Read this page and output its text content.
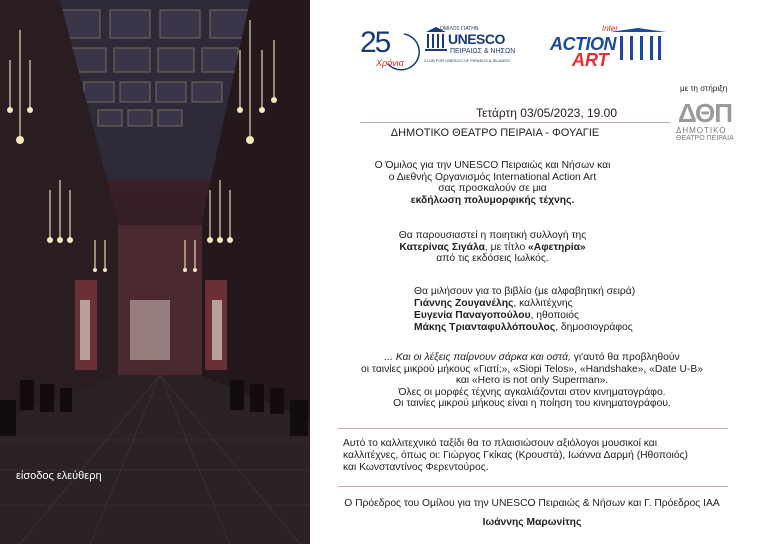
είσοδος ελεύθερη
25
Χρόνια
ΟΜΙΛΟΣ ΓΙΑΤΗΝ
UNESCO
ΠΕΙΡΑΙΩΣ & ΝΗΣΩΝ
CLUB FOR UNESCO OF PIRAEUS & ISLANDS
Inter
ACTION
ART
με τη στήριξη
ΔΘΠ
ΔΗΜΟΤΙΚΟ
ΘΕΑΤΡΟ ΠΕΙΡΑΙΑ
Τετάρτη 03/05/2023, 19.00
ΔΗΜΟΤΙΚΟ ΘΕΑΤΡΟ ΠΕΙΡΑΙΑ - ΦΟΥΑΓΙΕ

Ο Όμιλος για την UNESCO Πειραιώς και Νήσων και

ο Διεθνής Οργανισμός International Action Art

σας προσκαλούν σε μια

εκδήλωση πολυμορφικής τέχνης.

Θα παρουσιαστεί η ποιητική συλλογή της

Κατερίνας Σιγάλα, με τίτλο «Αφετηρία»

από τις εκδόσεις Ιωλκός.

Θα μιλήσουν για το βιβλίο (με αλφαβητική σειρά)

Γιάννης Ζουγανέλης, καλλιτέχνης

Ευγενία Παναγοπούλου, ηθοποιός

Μάκης Τριανταφυλλόπουλος, δημοσιογράφος

... Και οι λέξεις παίρνουν σάρκα και οστά, γι'αυτό θα προβληθούν

οι ταινίες μικρού μήκους «Γιατί;», «Siopi Telos», «Handshake», «Date U-B»

και «Hero is not only Superman».

Όλες οι μορφές τέχνης αγκαλιάζονται στον κινηματογράφο.

Οι ταινίες μικρού μήκους είναι η ποίηση του κινηματογράφου.

Αυτό το καλλιτεχνικό ταξίδι θα το πλαισιώσουν αξιόλογοι μουσικοί και

καλλιτέχνες, όπως οι: Γιώργος Γκίκας (Κρουστά), Ιωάννα Δαρμή (Ηθοποιός)

και Κωνσταντίνος Φερεντούρος.

Ο Πρόεδρος του Ομίλου για την UNESCO Πειραιώς & Νήσων και Γ. Πρόεδρος IAA

Ιωάννης Μαρωνίτης
